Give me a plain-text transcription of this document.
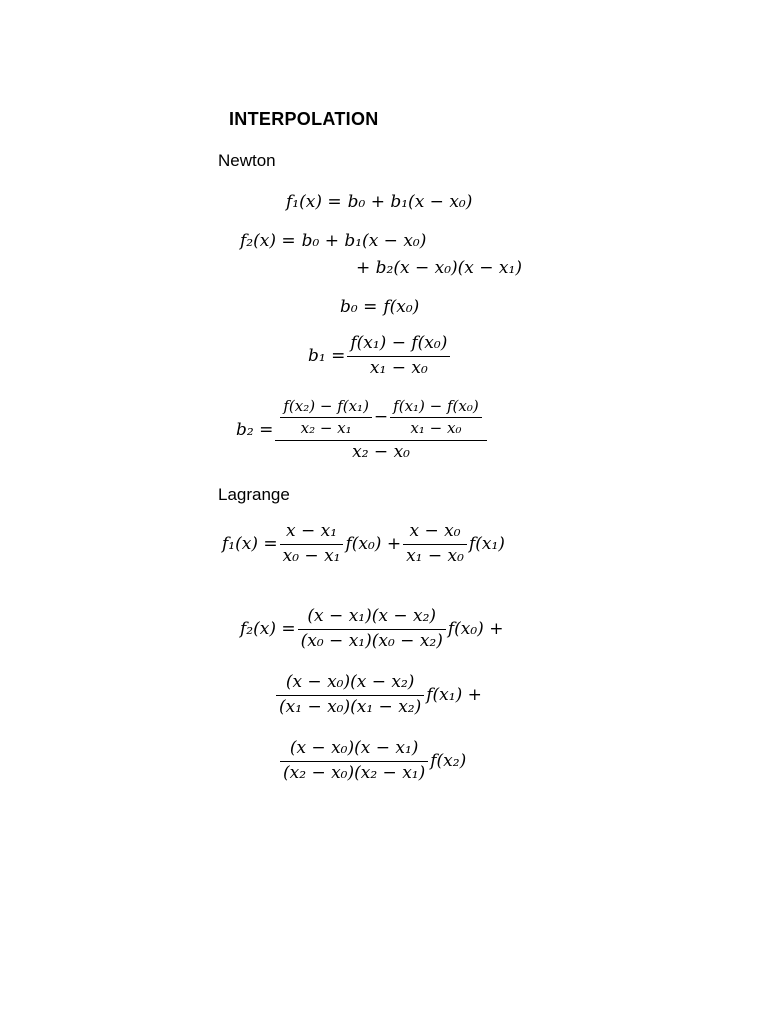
INTERPOLATION
Newton
f₁(x) = b₀ + b₁(x − x₀)
f₂(x) = b₀ + b₁(x − x₀)
+ b₂(x − x₀)(x − x₁)
b₀ = f(x₀)
$b_1 = \frac{\text{f(x₁) − f(x₀)}}{\text{x₁ − x₀}}$
$b_2 = \frac{\text{f(x₂) − f(x₁)}}{\text{x₂ − x₁}} - \frac{\text{f(x₁) − f(x₀)}}{\text{x₁ − x₀}}$
x₂ − x₀
Lagrange
$f_1(x) = \frac{\text{x − x₁}}{\text{x₀ − x₁}} f(x_0) + \frac{\text{x − x₀}}{\text{x₁ − x₀}} f(x_1)$
$f_2(x) = \frac{\text{(x − x₁)(x − x₂)}}{\text{(x₀ − x₁)(x₀ − x₂)}} f(x_0)$ +
$\frac{\text{(x − x₀)(x − x₂)}}{\text{(x₁ − x₀)(x₁ − x₂)}} f(x_1)$ +
$\frac{\text{(x − x₀)(x − x₁)}}{\text{(x₂ − x₀)(x₂ − x₁)}} f(x_2)$
